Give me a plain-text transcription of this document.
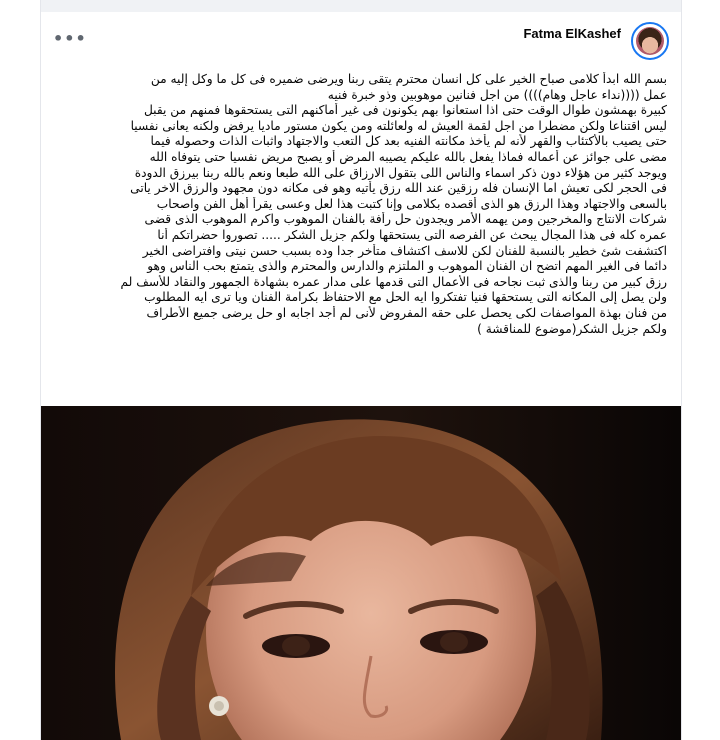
•••	Fatma ElKashef
بسم الله ابدأ كلامى صباح الخير على كل انسان محترم يتقى ربنا ويرضى ضميره فى كل ما وكل إليه من
عمل ((((نداء عاجل وهام)))) من اجل فنانين موهوبين وذو خبرة فنيه
كبيرة بهمشون طوال الوقت حتى اذا استعانوا بهم يكونون فى غير أماكنهم التى يستحقوها فمنهم من يقبل
ليس اقتناعا ولكن مضطرا من اجل لقمة العيش له ولعائلته ومن يكون مستور ماديا يرفض ولكنه يعانى نفسيا
حتى يصيب بالأكتئاب والقهر لأنه لم يأخذ مكانته الفنيه بعد كل التعب والاجتهاد واثبات الذات وحصوله فيما
مضى على جوائز عن أعماله فماذا يفعل بالله عليكم يصيبه المرض أو يصبح مريض نفسيا حتى يتوفاه الله
ويوجد كثير من هؤلاء دون ذكر اسماء والناس اللى بتقول الارزاق على الله طبعا ونعم بالله ربنا بيرزق الدودة
فى الحجر لكى تعيش اما الإنسان فله رزقين عند الله رزق يأتيه وهو فى مكانه دون مجهود والرزق الاخر ياتى
بالسعى والاجتهاد وهذا الرزق هو الذى أقصده بكلامى وإنا كتبت هذا لعل وعسى يقرأ أهل الفن واصحاب
شركات الانتاج والمخرجين ومن يهمه الأمر ويجدون حل رأفة بالفنان الموهوب واكرم الموهوب الذى قضى
عمره كله فى هذا المجال يبحث عن الفرصه التى يستحقها ولكم جزيل الشكر ..... تصوروا حضراتكم أنا
اكتشفت شئ خطير بالنسبة للفنان لكن للاسف اكتشاف متأخر جدا وده بسبب حسن نيتى وافتراضى الخير
دائما فى الغير المهم اتضح ان الفنان الموهوب و الملتزم والدارس والمحترم والذى يتمتع بحب الناس وهو
رزق كبير من ربنا والذى ثبت نجاحه فى الأعمال التى قدمها على مدار عمره بشهادة الجمهور والنقاد للأسف لم
ولن يصل إلى المكانه التى يستحقها فنيا تفتكروا ايه الحل مع الاحتفاظ بكرامة الفنان ويا ترى ايه المطلوب
من فنان بهذة المواصفات لكى يحصل على حقه المفروض لأنى لم أجد اجابه او حل يرضى جميع الأطراف
ولكم جزيل الشكر(موضوع للمناقشة )
